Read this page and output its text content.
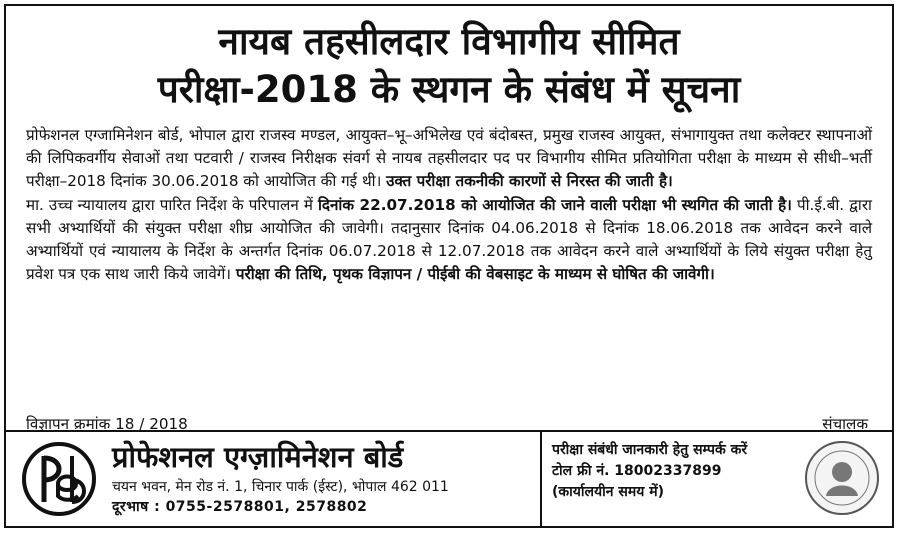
नायब तहसीलदार विभागीय सीमित
परीक्षा-2018 के स्थगन के संबंध में सूचना

प्रोफेशनल एग्जामिनेशन बोर्ड, भोपाल द्वारा राजस्व मण्डल, आयुक्त–भू–अभिलेख एवं बंदोबस्त, प्रमुख राजस्व आयुक्त, संभागायुक्त तथा कलेक्टर स्थापनाओं की लिपिकवर्गीय सेवाओं तथा पटवारी / राजस्व निरीक्षक संवर्ग से नायब तहसीलदार पद पर विभागीय सीमित प्रतियोगिता परीक्षा के माध्यम से सीधी–भर्ती परीक्षा–2018 दिनांक 30.06.2018 को आयोजित की गई थी। उक्त परीक्षा तकनीकी कारणों से निरस्त की जाती है।

मा. उच्च न्यायालय द्वारा पारित निर्देश के परिपालन में दिनांक 22.07.2018 को आयोजित की जाने वाली परीक्षा भी स्थगित की जाती है। पी.ई.बी. द्वारा सभी अभ्यार्थियों की संयुक्त परीक्षा शीघ्र आयोजित की जावेगी। तदानुसार दिनांक 04.06.2018 से दिनांक 18.06.2018 तक आवेदन करने वाले अभ्यार्थियों एवं न्यायालय के निर्देश के अन्तर्गत दिनांक 06.07.2018 से 12.07.2018 तक आवेदन करने वाले अभ्यार्थियों के लिये संयुक्त परीक्षा हेतु प्रवेश पत्र एक साथ जारी किये जावेगें। परीक्षा की तिथि, पृथक विज्ञापन / पीईबी की वेबसाइट के माध्यम से घोषित की जावेगी।

विज्ञापन क्रमांक 18 / 2018	संचालक
प्रोफेशनल एग्ज़ामिनेशन बोर्ड
चयन भवन, मेन रोड नं. 1, चिनार पार्क (ईस्ट), भोपाल 462 011
दूरभाष : 0755-2578801, 2578802
परीक्षा संबंधी जानकारी हेतु सम्पर्क करें
टोल फ्री नं. 18002337899
(कार्यालयीन समय में)
